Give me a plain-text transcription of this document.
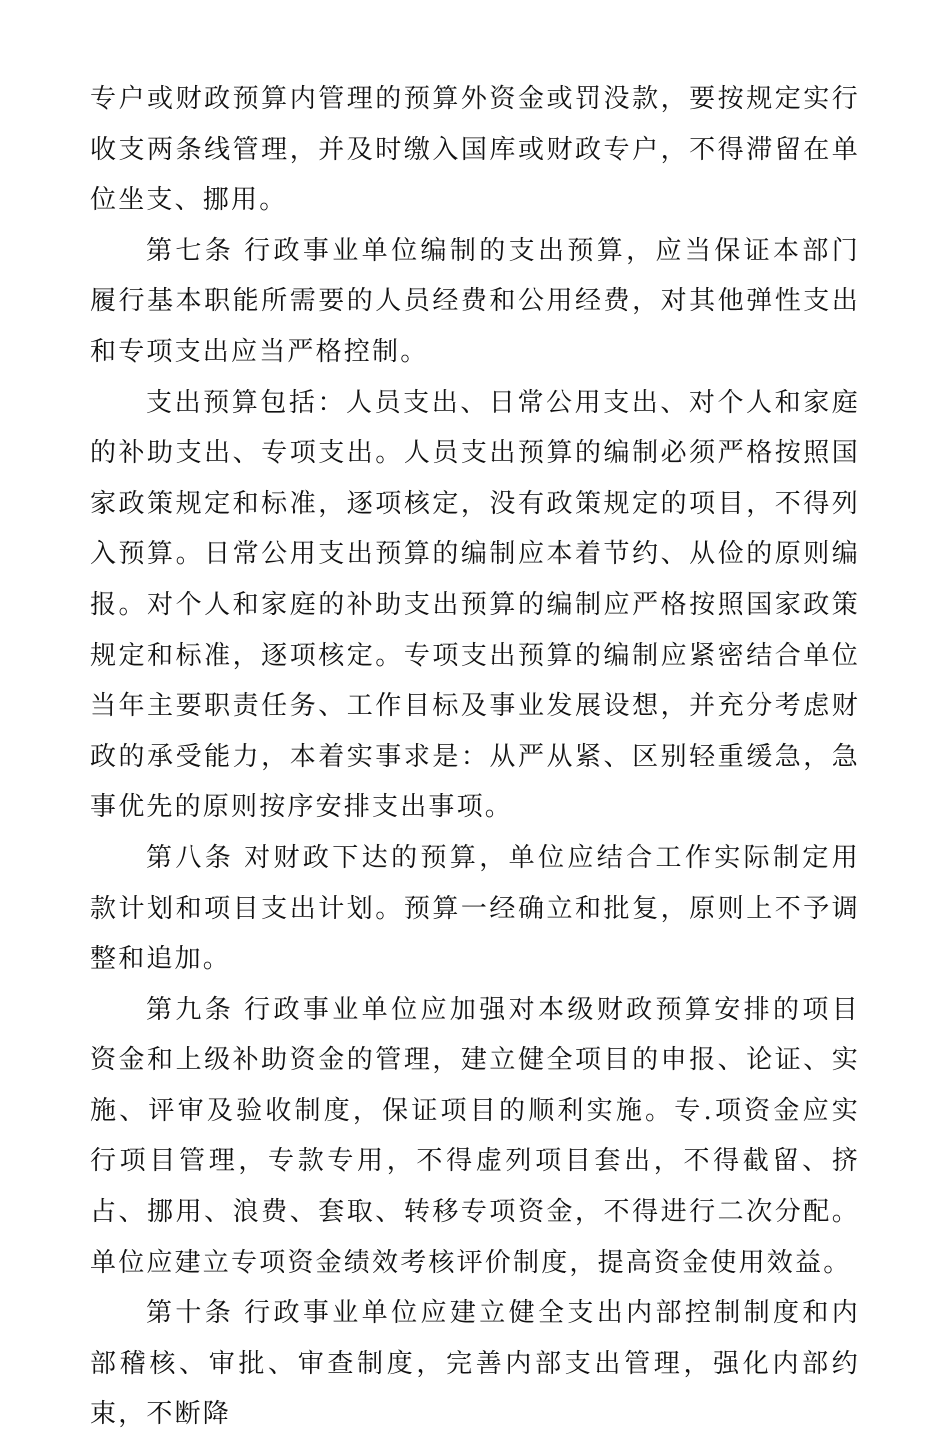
专户或财政预算内管理的预算外资金或罚没款，要按规定实行收支两条线管理，并及时缴入国库或财政专户，不得滞留在单位坐支、挪用。

第七条 行政事业单位编制的支出预算，应当保证本部门履行基本职能所需要的人员经费和公用经费，对其他弹性支出和专项支出应当严格控制。

支出预算包括：人员支出、日常公用支出、对个人和家庭的补助支出、专项支出。人员支出预算的编制必须严格按照国家政策规定和标准，逐项核定，没有政策规定的项目，不得列入预算。日常公用支出预算的编制应本着节约、从俭的原则编报。对个人和家庭的补助支出预算的编制应严格按照国家政策规定和标准，逐项核定。专项支出预算的编制应紧密结合单位当年主要职责任务、工作目标及事业发展设想，并充分考虑财政的承受能力，本着实事求是：从严从紧、区别轻重缓急，急事优先的原则按序安排支出事项。

第八条 对财政下达的预算，单位应结合工作实际制定用款计划和项目支出计划。预算一经确立和批复，原则上不予调整和追加。

第九条 行政事业单位应加强对本级财政预算安排的项目资金和上级补助资金的管理，建立健全项目的申报、论证、实施、评审及验收制度，保证项目的顺利实施。专.项资金应实行项目管理，专款专用，不得虚列项目套出，不得截留、挤占、挪用、浪费、套取、转移专项资金，不得进行二次分配。单位应建立专项资金绩效考核评价制度，提高资金使用效益。

第十条 行政事业单位应建立健全支出内部控制制度和内部稽核、审批、审查制度，完善内部支出管理，强化内部约束，不断降
